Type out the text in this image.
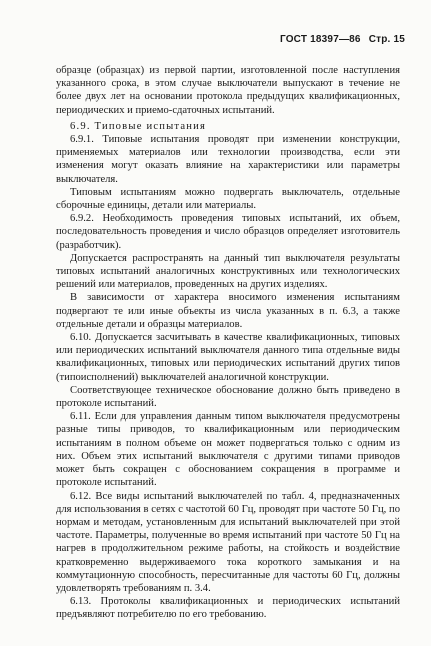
ГОСТ 18397—86 Стр. 15

образце (образцах) из первой партии, изготовленной после наступления указанного срока, в этом случае выключатели выпускают в течение не более двух лет на основании протокола предыдущих квалификационных, периодических и приемо-сдаточных испытаний.

6.9. Типовые испытания

6.9.1. Типовые испытания проводят при изменении конструкции, применяемых материалов или технологии производства, если эти изменения могут оказать влияние на характеристики или параметры выключателя.

Типовым испытаниям можно подвергать выключатель, отдельные сборочные единицы, детали или материалы.

6.9.2. Необходимость проведения типовых испытаний, их объем, последовательность проведения и число образцов определяет изготовитель (разработчик).

Допускается распространять на данный тип выключателя результаты типовых испытаний аналогичных конструктивных или технологических решений или материалов, проведенных на других изделиях.

В зависимости от характера вносимого изменения испытаниям подвергают те или иные объекты из числа указанных в п. 6.3, а также отдельные детали и образцы материалов.

6.10. Допускается засчитывать в качестве квалификационных, типовых или периодических испытаний выключателя данного типа отдельные виды квалификационных, типовых или периодических испытаний других типов (типоисполнений) выключателей аналогичной конструкции.

Соответствующее техническое обоснование должно быть приведено в протоколе испытаний.

6.11. Если для управления данным типом выключателя предусмотрены разные типы приводов, то квалификационным или периодическим испытаниям в полном объеме он может подвергаться только с одним из них. Объем этих испытаний выключателя с другими типами приводов может быть сокращен с обоснованием сокращения в программе и протоколе испытаний.

6.12. Все виды испытаний выключателей по табл. 4, предназначенных для использования в сетях с частотой 60 Гц, проводят при частоте 50 Гц, по нормам и методам, установленным для испытаний выключателей при этой частоте. Параметры, полученные во время испытаний при частоте 50 Гц на нагрев в продолжительном режиме работы, на стойкость и воздействие кратковременно выдерживаемого тока короткого замыкания и на коммутационную способность, пересчитанные для частоты 60 Гц, должны удовлетворять требованиям п. 3.4.

6.13. Протоколы квалификационных и периодических испытаний предъявляют потребителю по его требованию.
